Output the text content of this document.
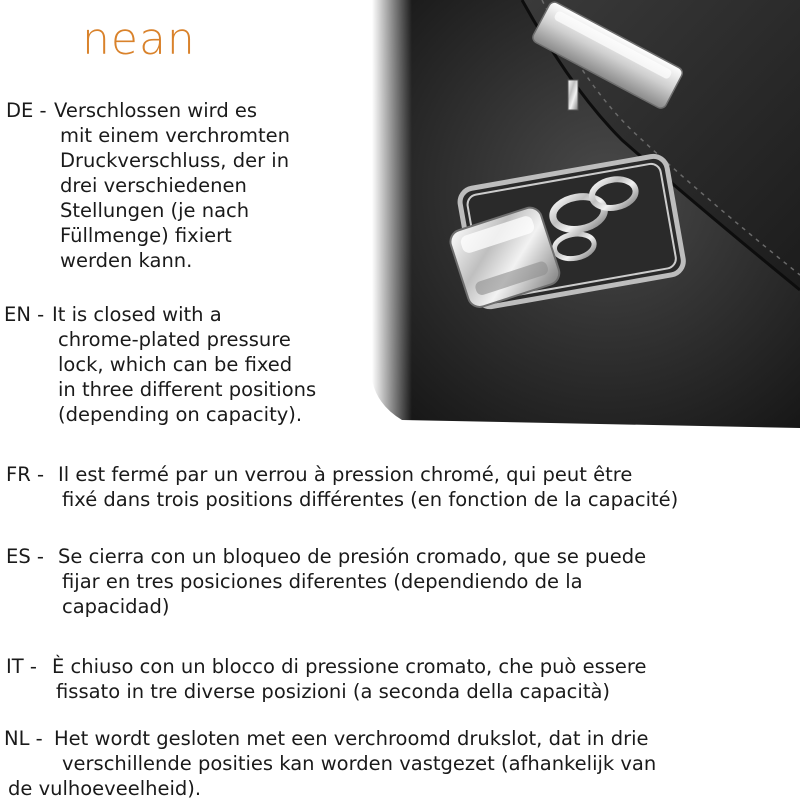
nean
DE - Verschlossen wird es
mit einem verchromten
Druckverschluss, der in
drei verschiedenen
Stellungen (je nach
Füllmenge) fixiert
werden kann.
EN - It is closed with a
chrome-plated pressure
lock, which can be fixed
in three different positions
(depending on capacity).
FR - Il est fermé par un verrou à pression chromé, qui peut être
fixé dans trois positions différentes (en fonction de la capacité)
ES - Se cierra con un bloqueo de presión cromado, que se puede
fijar en tres posiciones diferentes (dependiendo de la
capacidad)
IT - È chiuso con un blocco di pressione cromato, che può essere
fissato in tre diverse posizioni (a seconda della capacità)
NL - Het wordt gesloten met een verchroomd drukslot, dat in drie
verschillende posities kan worden vastgezet (afhankelijk van
de vulhoeveelheid).
